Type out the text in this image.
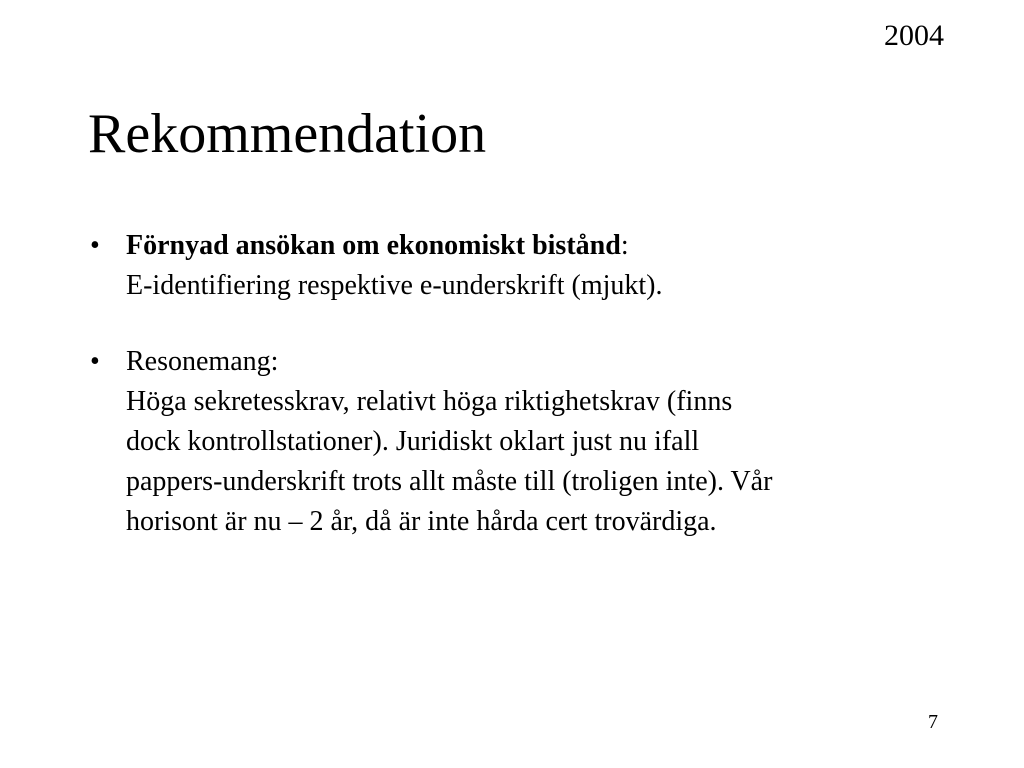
2004
Rekommendation
• Förnyad ansökan om ekonomiskt bistånd:
E-identifiering respektive e-underskrift (mjukt).
• Resonemang:
Höga sekretesskrav, relativt höga riktighetskrav (finns
dock kontrollstationer). Juridiskt oklart just nu ifall
pappers-underskrift trots allt måste till (troligen inte). Vår
horisont är nu – 2 år, då är inte hårda cert trovärdiga.
7
